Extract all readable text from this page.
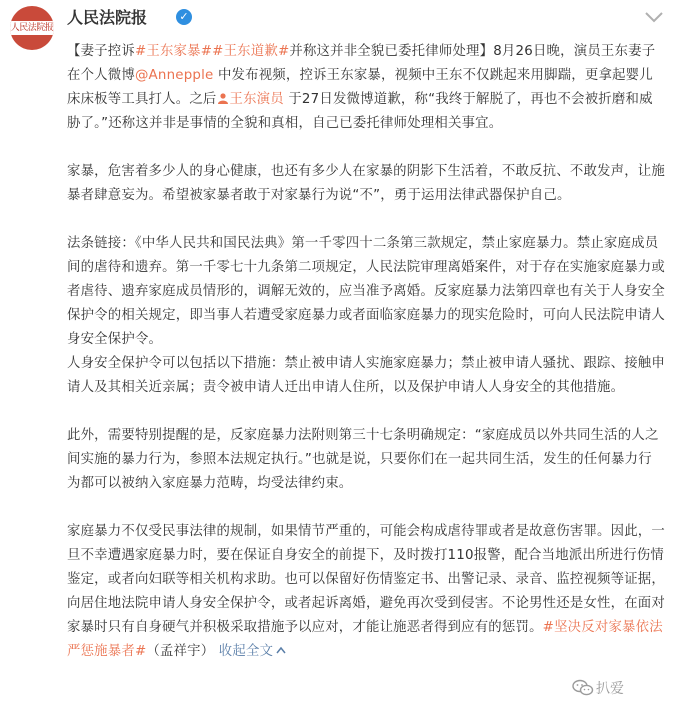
人民法院报
人民法院报	✓

【妻子控诉#王东家暴##王东道歉#并称这并非全貌已委托律师处理】8月26日晚，演员王东妻子在个人微博@Annepple 中发布视频，控诉王东家暴，视频中王东不仅跳起来用脚踹，更拿起婴儿床床板等工具打人。之后 王东演员 于27日发微博道歉，称“我终于解脱了，再也不会被折磨和威胁了。”还称这并非是事情的全貌和真相，自己已委托律师处理相关事宜。

家暴，危害着多少人的身心健康，也还有多少人在家暴的阴影下生活着，不敢反抗、不敢发声，让施暴者肆意妄为。希望被家暴者敢于对家暴行为说“不”，勇于运用法律武器保护自己。

法条链接：《中华人民共和国民法典》第一千零四十二条第三款规定，禁止家庭暴力。禁止家庭成员间的虐待和遗弃。第一千零七十九条第二项规定，人民法院审理离婚案件，对于存在实施家庭暴力或者虐待、遗弃家庭成员情形的，调解无效的，应当准予离婚。反家庭暴力法第四章也有关于人身安全保护令的相关规定，即当事人若遭受家庭暴力或者面临家庭暴力的现实危险时，可向人民法院申请人身安全保护令。

人身安全保护令可以包括以下措施：禁止被申请人实施家庭暴力；禁止被申请人骚扰、跟踪、接触申请人及其相关近亲属；责令被申请人迁出申请人住所，以及保护申请人人身安全的其他措施。

此外，需要特别提醒的是，反家庭暴力法附则第三十七条明确规定：“家庭成员以外共同生活的人之间实施的暴力行为，参照本法规定执行。”也就是说，只要你们在一起共同生活，发生的任何暴力行为都可以被纳入家庭暴力范畴，均受法律约束。

家庭暴力不仅受民事法律的规制，如果情节严重的，可能会构成虐待罪或者是故意伤害罪。因此，一旦不幸遭遇家庭暴力时，要在保证自身安全的前提下，及时拨打110报警，配合当地派出所进行伤情鉴定，或者向妇联等相关机构求助。也可以保留好伤情鉴定书、出警记录、录音、监控视频等证据，向居住地法院申请人身安全保护令，或者起诉离婚，避免再次受到侵害。不论男性还是女性，在面对家暴时只有自身硬气并积极采取措施予以应对，才能让施恶者得到应有的惩罚。#坚决反对家暴依法严惩施暴者#（孟祥宇） 收起全文

扒爱
